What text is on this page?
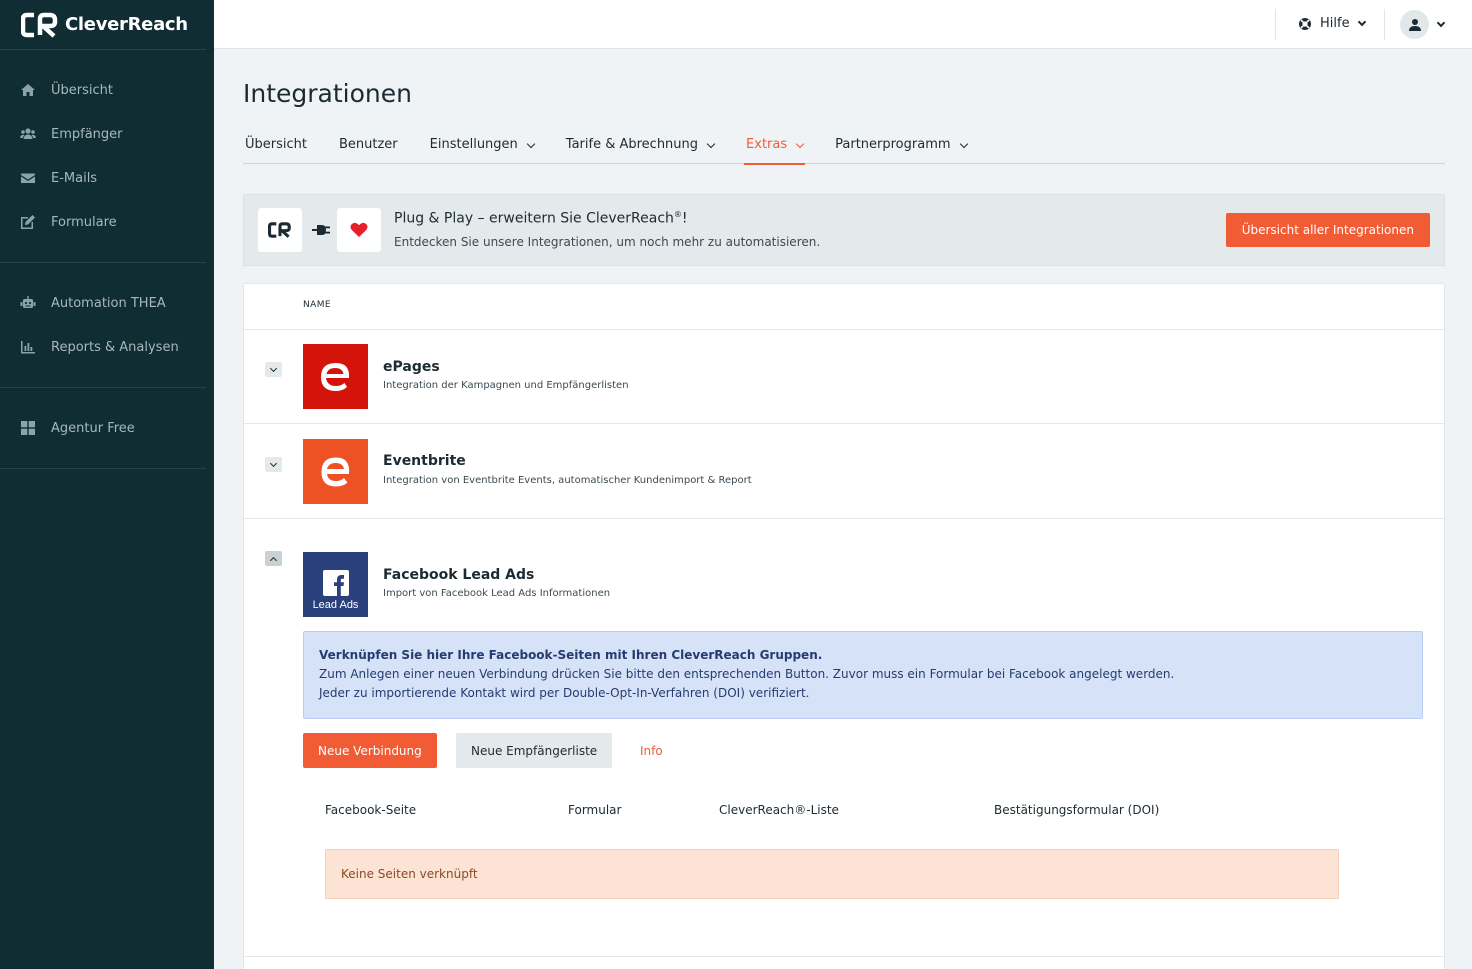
CleverReach
Übersicht
Empfänger
E-Mails
Formulare
Automation THEA
Reports & Analysen
Agentur Free
Hilfe
Integrationen
Übersicht Benutzer Einstellungen	Tarife & Abrechnung	Extras	Partnerprogramm
Plug & Play – erweitern Sie CleverReach®!
Entdecken Sie unsere Integrationen, um noch mehr zu automatisieren.
Übersicht aller Integrationen
NAME
ePages
Integration der Kampagnen und Empfängerlisten
Eventbrite
Integration von Eventbrite Events, automatischer Kundenimport & Report
Lead Ads
Facebook Lead Ads
Import von Facebook Lead Ads Informationen
Verknüpfen Sie hier Ihre Facebook-Seiten mit Ihren CleverReach Gruppen.
Zum Anlegen einer neuen Verbindung drücken Sie bitte den entsprechenden Button. Zuvor muss ein Formular bei Facebook angelegt werden.
Jeder zu importierende Kontakt wird per Double-Opt-In-Verfahren (DOI) verifiziert.
Neue Verbindung	Neue Empfängerliste	Info
Facebook-Seite	Formular	CleverReach®-Liste	Bestätigungsformular (DOI)
Keine Seiten verknüpft
